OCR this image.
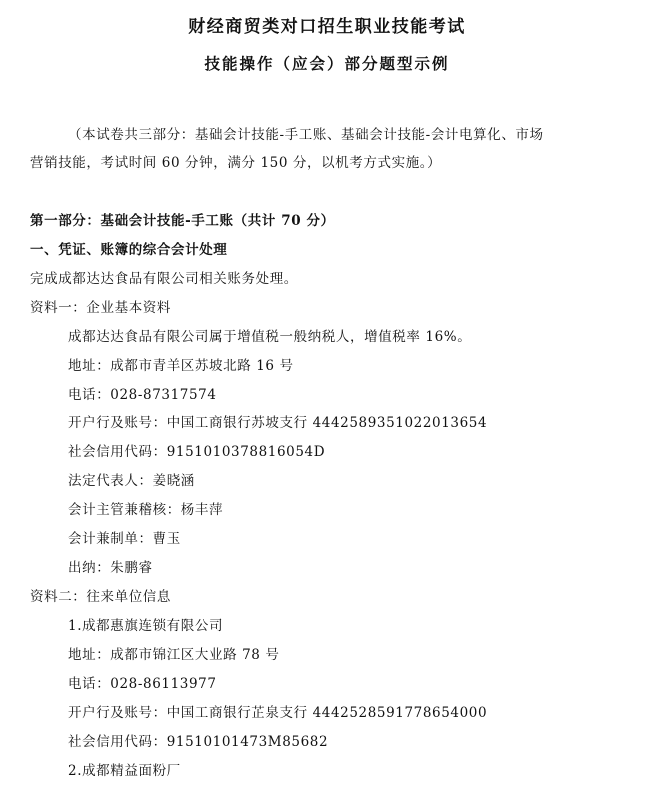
财经商贸类对口招生职业技能考试
技能操作（应会）部分题型示例
（本试卷共三部分：基础会计技能-手工账、基础会计技能-会计电算化、市场
营销技能，考试时间 60 分钟，满分 150 分，以机考方式实施。）
第一部分：基础会计技能-手工账（共计 70 分）
一、凭证、账簿的综合会计处理
完成成都达达食品有限公司相关账务处理。
资料一：企业基本资料
成都达达食品有限公司属于增值税一般纳税人，增值税率 16%。
地址：成都市青羊区苏坡北路 16 号
电话：028-87317574
开户行及账号：中国工商银行苏坡支行 4442589351022013654
社会信用代码：9151010378816054D
法定代表人：姜晓涵
会计主管兼稽核：杨丰萍
会计兼制单：曹玉
出纳：朱鹏睿
资料二：往来单位信息
1.成都惠旗连锁有限公司
地址：成都市锦江区大业路 78 号
电话：028-86113977
开户行及账号：中国工商银行芷泉支行 4442528591778654000
社会信用代码：91510101473M85682
2.成都精益面粉厂
